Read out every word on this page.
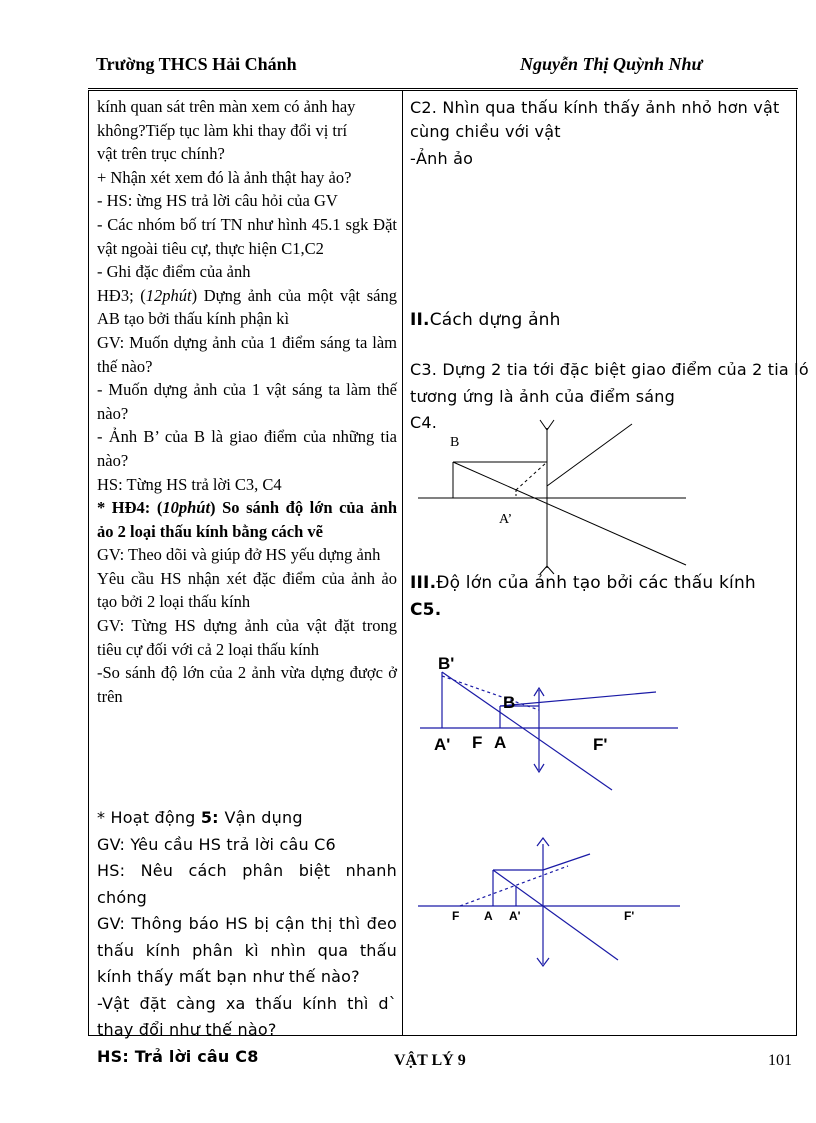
Trường THCS Hải Chánh	Nguyễn Thị Quỳnh Như

kính quan sát trên màn xem có ảnh hay

không?Tiếp tục làm khi thay đổi vị trí

vật trên trục chính?

+ Nhận xét xem đó là ảnh thật hay ảo?

- HS: ừng HS trả lời câu hỏi của GV

- Các nhóm bố trí TN như hình 45.1 sgk Đặt vật ngoài tiêu cự, thực hiện C1,C2

- Ghi đặc điểm của ảnh

HĐ3; (12phút) Dựng ảnh của một vật sáng AB tạo bởi thấu kính phận kì

GV: Muốn dựng ảnh của 1 điểm sáng ta làm thế nào?

- Muốn dựng ảnh của 1 vật sáng ta làm thế nào?

- Ảnh B’ của B là giao điểm của những tia nào?

HS: Từng HS trả lời C3, C4

* HĐ4: (10phút) So sánh độ lớn của ảnh ảo 2 loại thấu kính bằng cách vẽ

GV: Theo dõi và giúp đở HS yếu dựng ảnh

Yêu cầu HS nhận xét đặc điểm của ảnh ảo tạo bởi 2 loại thấu kính

GV: Từng HS dựng ảnh của vật đặt trong tiêu cự đối với cả 2 loại thấu kính

-So sánh độ lớn của 2 ảnh vừa dựng được ở trên

* Hoạt động 5: Vận dụng

GV: Yêu cầu HS trả lời câu C6

HS: Nêu cách phân biệt nhanh chóng

GV: Thông báo HS bị cận thị thì đeo thấu kính phân kì nhìn qua thấu kính thấy mất bạn như thế nào?

-Vật đặt càng xa thấu kính thì d` thay đổi như thế nào?

HS: Trả lời câu C8

C2. Nhìn qua thấu kính thấy ảnh nhỏ hơn vật

cùng chiều với vật

-Ảnh ảo

II.Cách dựng ảnh

C3. Dựng 2 tia tới đặc biệt giao điểm của 2 tia ló

tương ứng là ảnh của điểm sáng

C4.

III.Độ lớn của ảnh tạo bởi các thấu kính

C5.

B
A’
B'
B
A' F A	F'
F A A'	F'
VẬT LÝ 9	101
